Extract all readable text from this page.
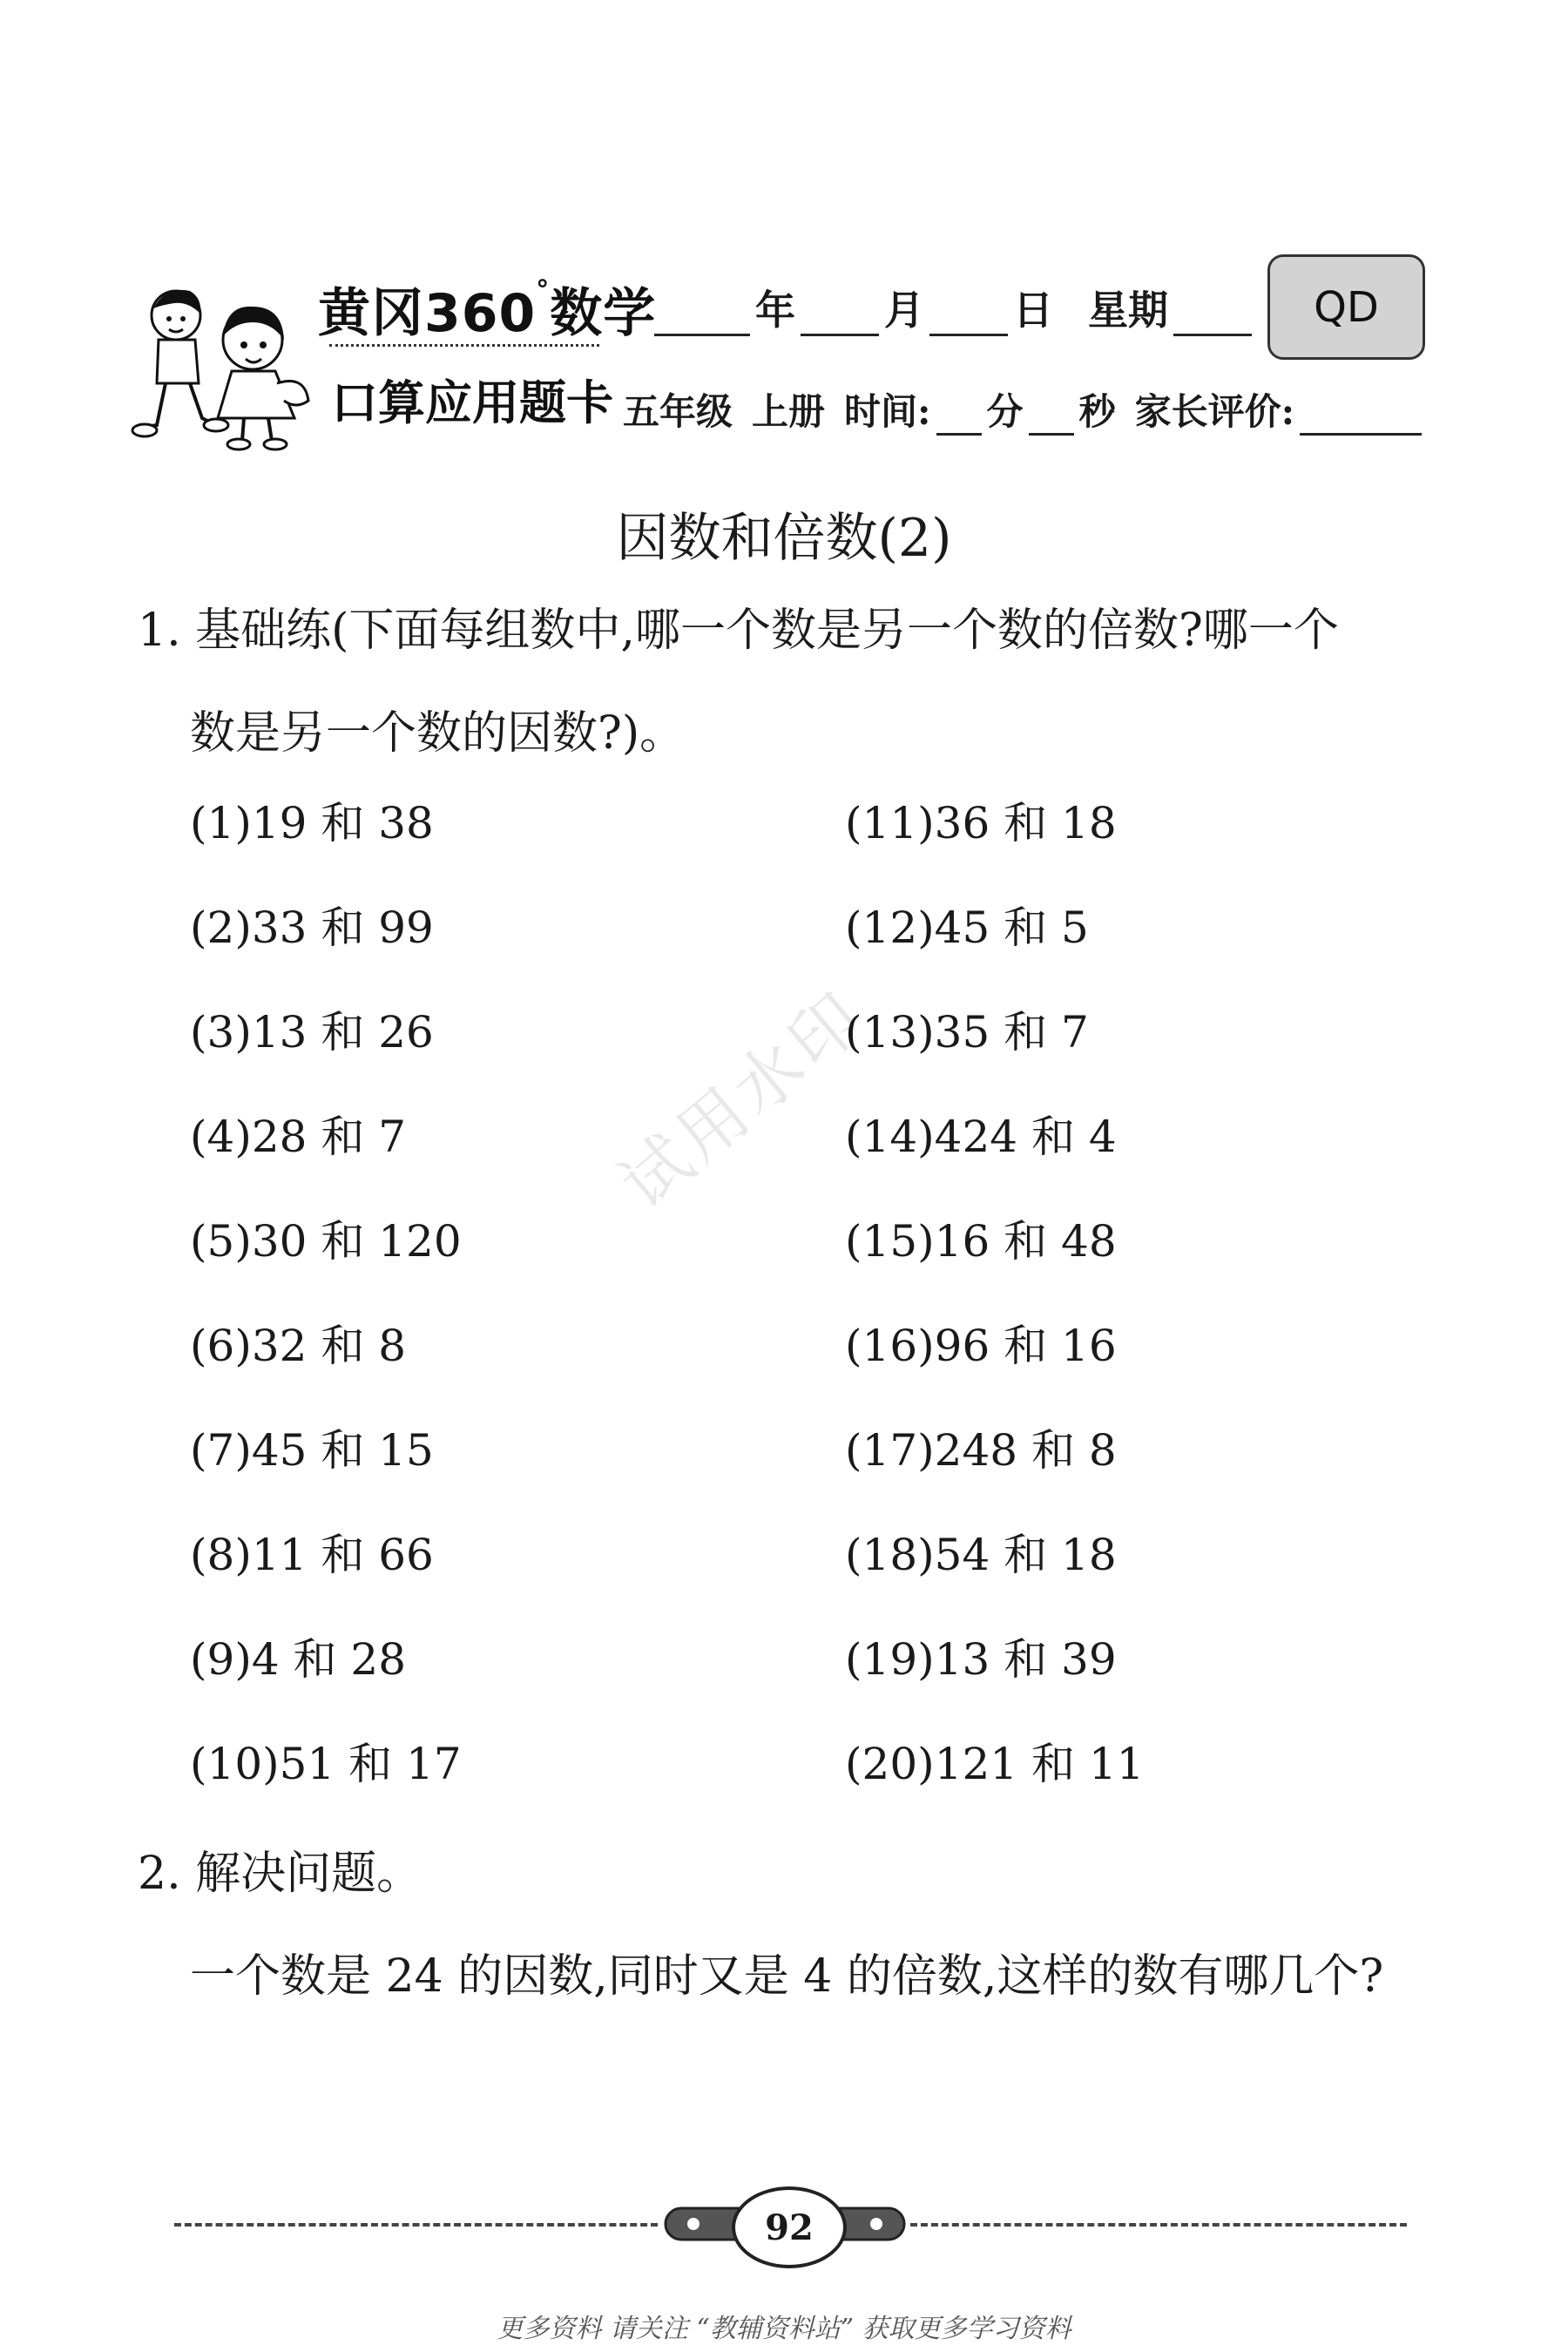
黄冈360°数学
口算应用题卡
年 月 日 星期	QD
五年级 上册 时间: 分 秒 家长评价:
因数和倍数(2)
1. 基础练(下面每组数中,哪一个数是另一个数的倍数?哪一个
数是另一个数的因数?)。
(1)19 和 38
(2)33 和 99
(3)13 和 26
(4)28 和 7
(5)30 和 120
(6)32 和 8
(7)45 和 15
(8)11 和 66
(9)4 和 28
(10)51 和 17
(11)36 和 18
(12)45 和 5
(13)35 和 7
(14)424 和 4
(15)16 和 48
(16)96 和 16
(17)248 和 8
(18)54 和 18
(19)13 和 39
(20)121 和 11
2. 解决问题。
一个数是 24 的因数,同时又是 4 的倍数,这样的数有哪几个?
试用水印
92
更多资料 请关注 “教辅资料站” 获取更多学习资料
